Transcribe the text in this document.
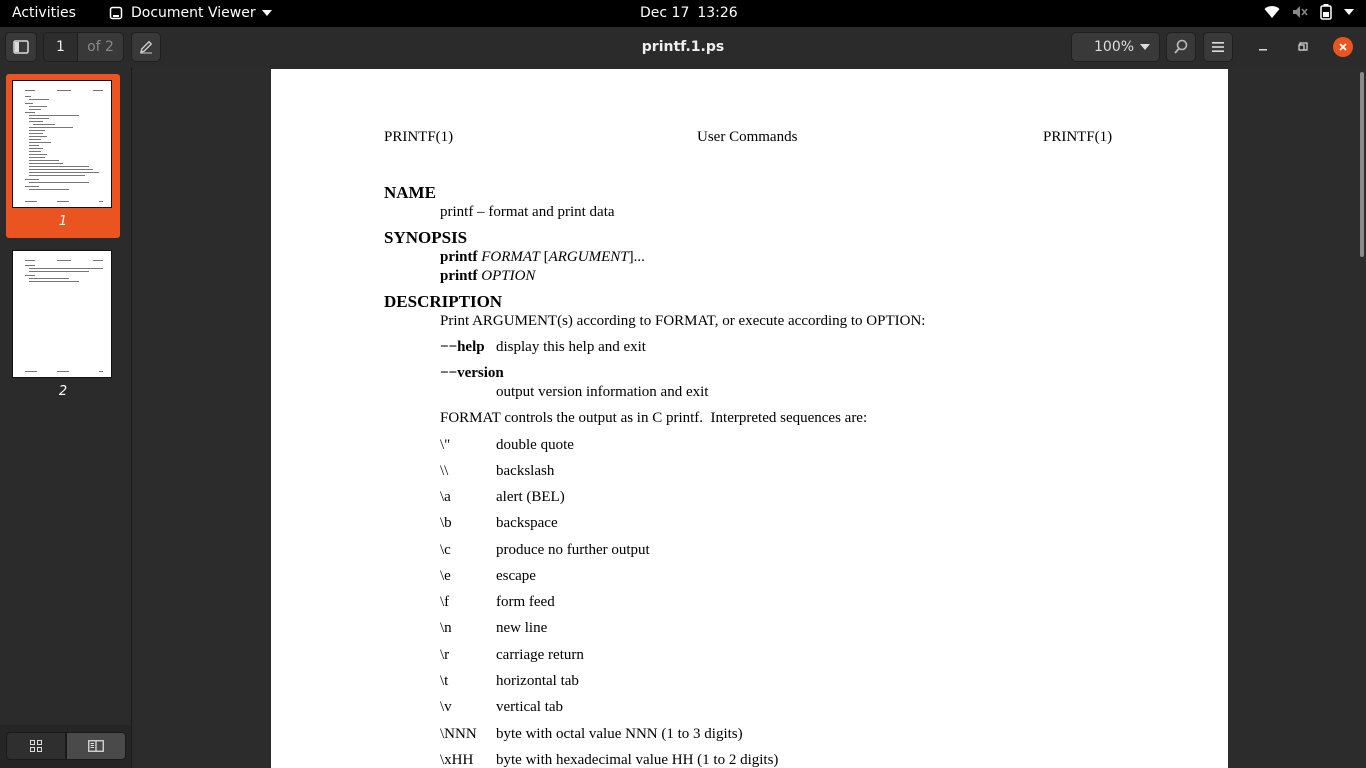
Activities	Document Viewer	Dec 17 13:26
1	of 2	printf.1.ps	100%
1
2
PRINTF(1)	User Commands	PRINTF(1)
NAME
printf – format and print data
SYNOPSIS
printf FORMAT [ARGUMENT]...
printf OPTION
DESCRIPTION
Print ARGUMENT(s) according to FORMAT, or execute according to OPTION:
−−help display this help and exit
−−version
output version information and exit
FORMAT controls the output as in C printf.  Interpreted sequences are:
\"	double quote
\\	backslash
\a	alert (BEL)
\b	backspace
\c	produce no further output
\e	escape
\f	form feed
\n	new line
\r	carriage return
\t	horizontal tab
\v	vertical tab
\NNN byte with octal value NNN (1 to 3 digits)
\xHH byte with hexadecimal value HH (1 to 2 digits)
